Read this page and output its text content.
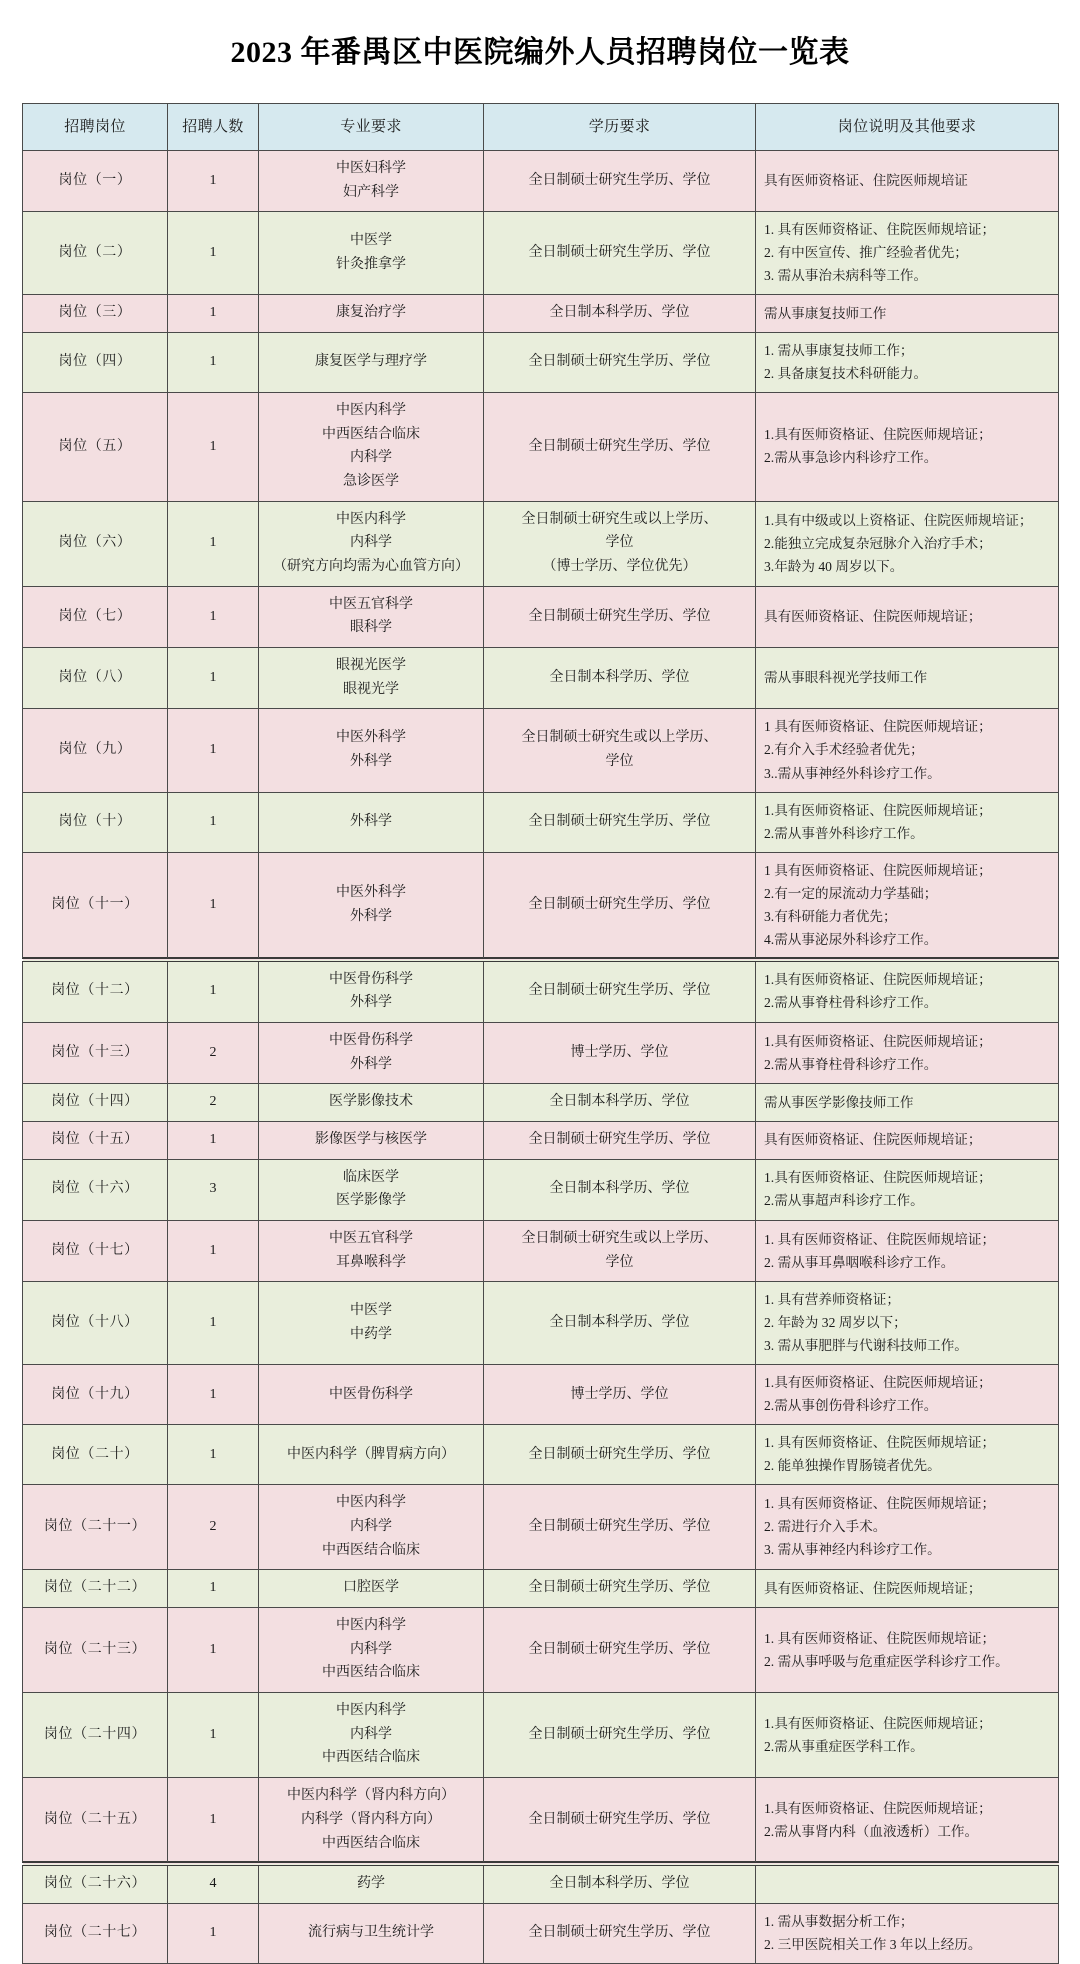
2023 年番禺区中医院编外人员招聘岗位一览表
招聘岗位	招聘人数	专业要求	学历要求	岗位说明及其他要求
岗位（一）	1	中医妇科学
妇产科学	全日制硕士研究生学历、学位	具有医师资格证、住院医师规培证

岗位（二）	1	中医学
针灸推拿学	全日制硕士研究生学历、学位	1. 具有医师资格证、住院医师规培证；
2. 有中医宣传、推广经验者优先；
3. 需从事治未病科等工作。

岗位（三）	1	康复治疗学	全日制本科学历、学位	需从事康复技师工作

岗位（四）	1	康复医学与理疗学	全日制硕士研究生学历、学位	1. 需从事康复技师工作；
2. 具备康复技术科研能力。

岗位（五）	1	中医内科学
中西医结合临床
内科学
急诊医学	全日制硕士研究生学历、学位	1.具有医师资格证、住院医师规培证；
2.需从事急诊内科诊疗工作。

岗位（六）	1	中医内科学
内科学
（研究方向均需为心血管方向）	全日制硕士研究生或以上学历、
学位
（博士学历、学位优先）	1.具有中级或以上资格证、住院医师规培证；
2.能独立完成复杂冠脉介入治疗手术；
3.年龄为 40 周岁以下。

岗位（七）	1	中医五官科学
眼科学	全日制硕士研究生学历、学位	具有医师资格证、住院医师规培证；

岗位（八）	1	眼视光医学
眼视光学	全日制本科学历、学位	需从事眼科视光学技师工作

岗位（九）	1	中医外科学
外科学	全日制硕士研究生或以上学历、
学位	1 具有医师资格证、住院医师规培证；
2.有介入手术经验者优先；
3..需从事神经外科诊疗工作。

岗位（十）	1	外科学	全日制硕士研究生学历、学位	1.具有医师资格证、住院医师规培证；
2.需从事普外科诊疗工作。

岗位（十一）	1	中医外科学
外科学	全日制硕士研究生学历、学位	1 具有医师资格证、住院医师规培证；
2.有一定的尿流动力学基础；
3.有科研能力者优先；
4.需从事泌尿外科诊疗工作。

岗位（十二）	1	中医骨伤科学
外科学	全日制硕士研究生学历、学位	1.具有医师资格证、住院医师规培证；
2.需从事脊柱骨科诊疗工作。

岗位（十三）	2	中医骨伤科学
外科学	博士学历、学位	1.具有医师资格证、住院医师规培证；
2.需从事脊柱骨科诊疗工作。

岗位（十四）	2	医学影像技术	全日制本科学历、学位	需从事医学影像技师工作

岗位（十五）	1	影像医学与核医学	全日制硕士研究生学历、学位	具有医师资格证、住院医师规培证；

岗位（十六）	3	临床医学
医学影像学	全日制本科学历、学位	1.具有医师资格证、住院医师规培证；
2.需从事超声科诊疗工作。

岗位（十七）	1	中医五官科学
耳鼻喉科学	全日制硕士研究生或以上学历、
学位	1. 具有医师资格证、住院医师规培证；
2. 需从事耳鼻咽喉科诊疗工作。

岗位（十八）	1	中医学
中药学	全日制本科学历、学位	1. 具有营养师资格证；
2. 年龄为 32 周岁以下；
3. 需从事肥胖与代谢科技师工作。

岗位（十九）	1	中医骨伤科学	博士学历、学位	1.具有医师资格证、住院医师规培证；
2.需从事创伤骨科诊疗工作。

岗位（二十）	1	中医内科学（脾胃病方向）	全日制硕士研究生学历、学位	1. 具有医师资格证、住院医师规培证；
2. 能单独操作胃肠镜者优先。

岗位（二十一）	2	中医内科学
内科学
中西医结合临床	全日制硕士研究生学历、学位	1. 具有医师资格证、住院医师规培证；
2. 需进行介入手术。
3. 需从事神经内科诊疗工作。

岗位（二十二）	1	口腔医学	全日制硕士研究生学历、学位	具有医师资格证、住院医师规培证；

岗位（二十三）	1	中医内科学
内科学
中西医结合临床	全日制硕士研究生学历、学位	1. 具有医师资格证、住院医师规培证；
2. 需从事呼吸与危重症医学科诊疗工作。

岗位（二十四）	1	中医内科学
内科学
中西医结合临床	全日制硕士研究生学历、学位	1.具有医师资格证、住院医师规培证；
2.需从事重症医学科工作。

岗位（二十五）	1	中医内科学（肾内科方向）
内科学（肾内科方向）
中西医结合临床	全日制硕士研究生学历、学位	1.具有医师资格证、住院医师规培证；
2.需从事肾内科（血液透析）工作。

岗位（二十六）	4	药学	全日制本科学历、学位	

岗位（二十七）	1	流行病与卫生统计学	全日制硕士研究生学历、学位	1. 需从事数据分析工作；
2. 三甲医院相关工作 3 年以上经历。
